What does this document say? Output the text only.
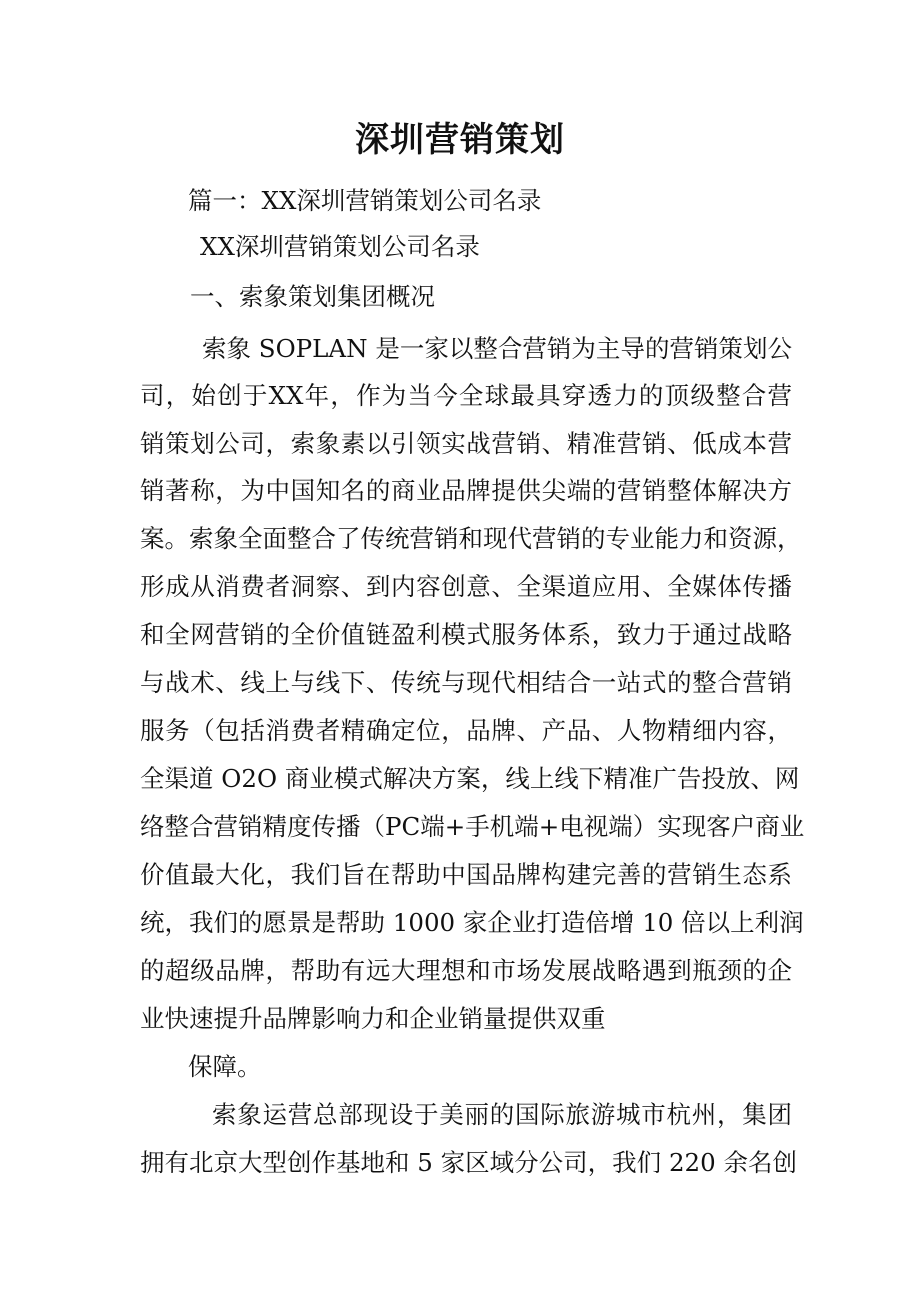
深圳营销策划
篇一：XX深圳营销策划公司名录
XX深圳营销策划公司名录
一、索象策划集团概况
索象 SOPLAN 是一家以整合营销为主导的营销策划公
司，始创于XX年，作为当今全球最具穿透力的顶级整合营
销策划公司，索象素以引领实战营销、精准营销、低成本营
销著称，为中国知名的商业品牌提供尖端的营销整体解决方
案。索象全面整合了传统营销和现代营销的专业能力和资源，
形成从消费者洞察、到内容创意、全渠道应用、全媒体传播
和全网营销的全价值链盈利模式服务体系，致力于通过战略
与战术、线上与线下、传统与现代相结合一站式的整合营销
服务（包括消费者精确定位，品牌、产品、人物精细内容，
全渠道 O2O 商业模式解决方案，线上线下精准广告投放、网
络整合营销精度传播（PC端+手机端+电视端）实现客户商业
价值最大化，我们旨在帮助中国品牌构建完善的营销生态系
统，我们的愿景是帮助 1000 家企业打造倍增 10 倍以上利润
的超级品牌，帮助有远大理想和市场发展战略遇到瓶颈的企
业快速提升品牌影响力和企业销量提供双重
保障。
索象运营总部现设于美丽的国际旅游城市杭州，集团
拥有北京大型创作基地和 5 家区域分公司，我们 220 余名创
